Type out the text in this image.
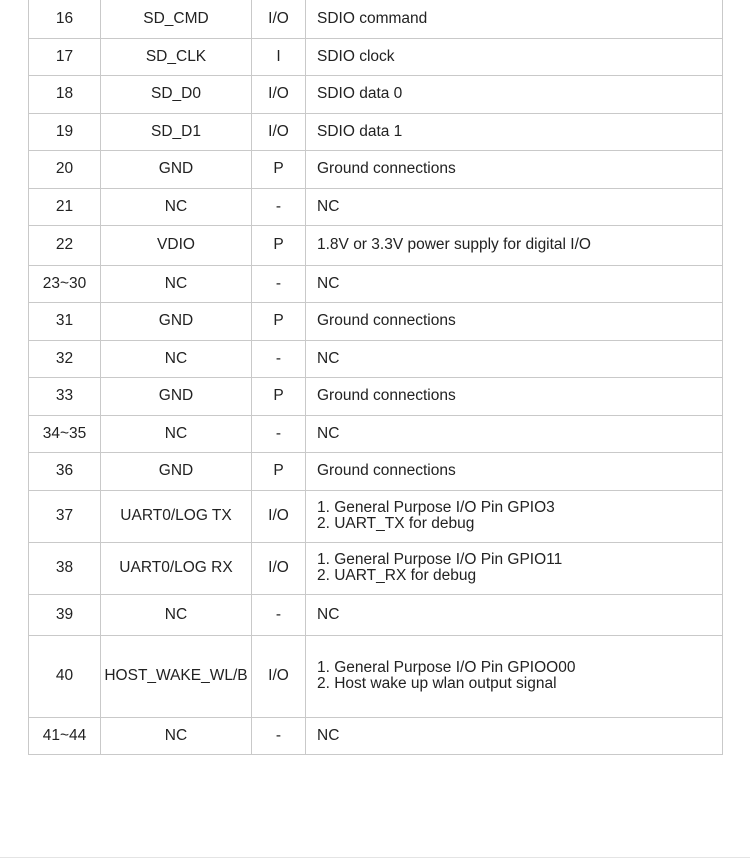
16	SD_CMD	I/O	SDIO command

17	SD_CLK	I	SDIO clock

18	SD_D0	I/O	SDIO data 0

19	SD_D1	I/O	SDIO data 1

20	GND	P	Ground connections

21	NC	-	NC

22	VDIO	P	1.8V or 3.3V power supply for digital I/O

23~30	NC	-	NC

31	GND	P	Ground connections

32	NC	-	NC

33	GND	P	Ground connections

34~35	NC	-	NC

36	GND	P	Ground connections

37	UART0/LOG TX	I/O	1. General Purpose I/O Pin GPIO3
2. UART_TX for debug

38	UART0/LOG RX	I/O	1. General Purpose I/O Pin GPIO11
2. UART_RX for debug

39	NC	-	NC

40	HOST_WAKE_WL/B	I/O	1. General Purpose I/O Pin GPIOO00
2. Host wake up wlan output signal

41~44	NC	-	NC
